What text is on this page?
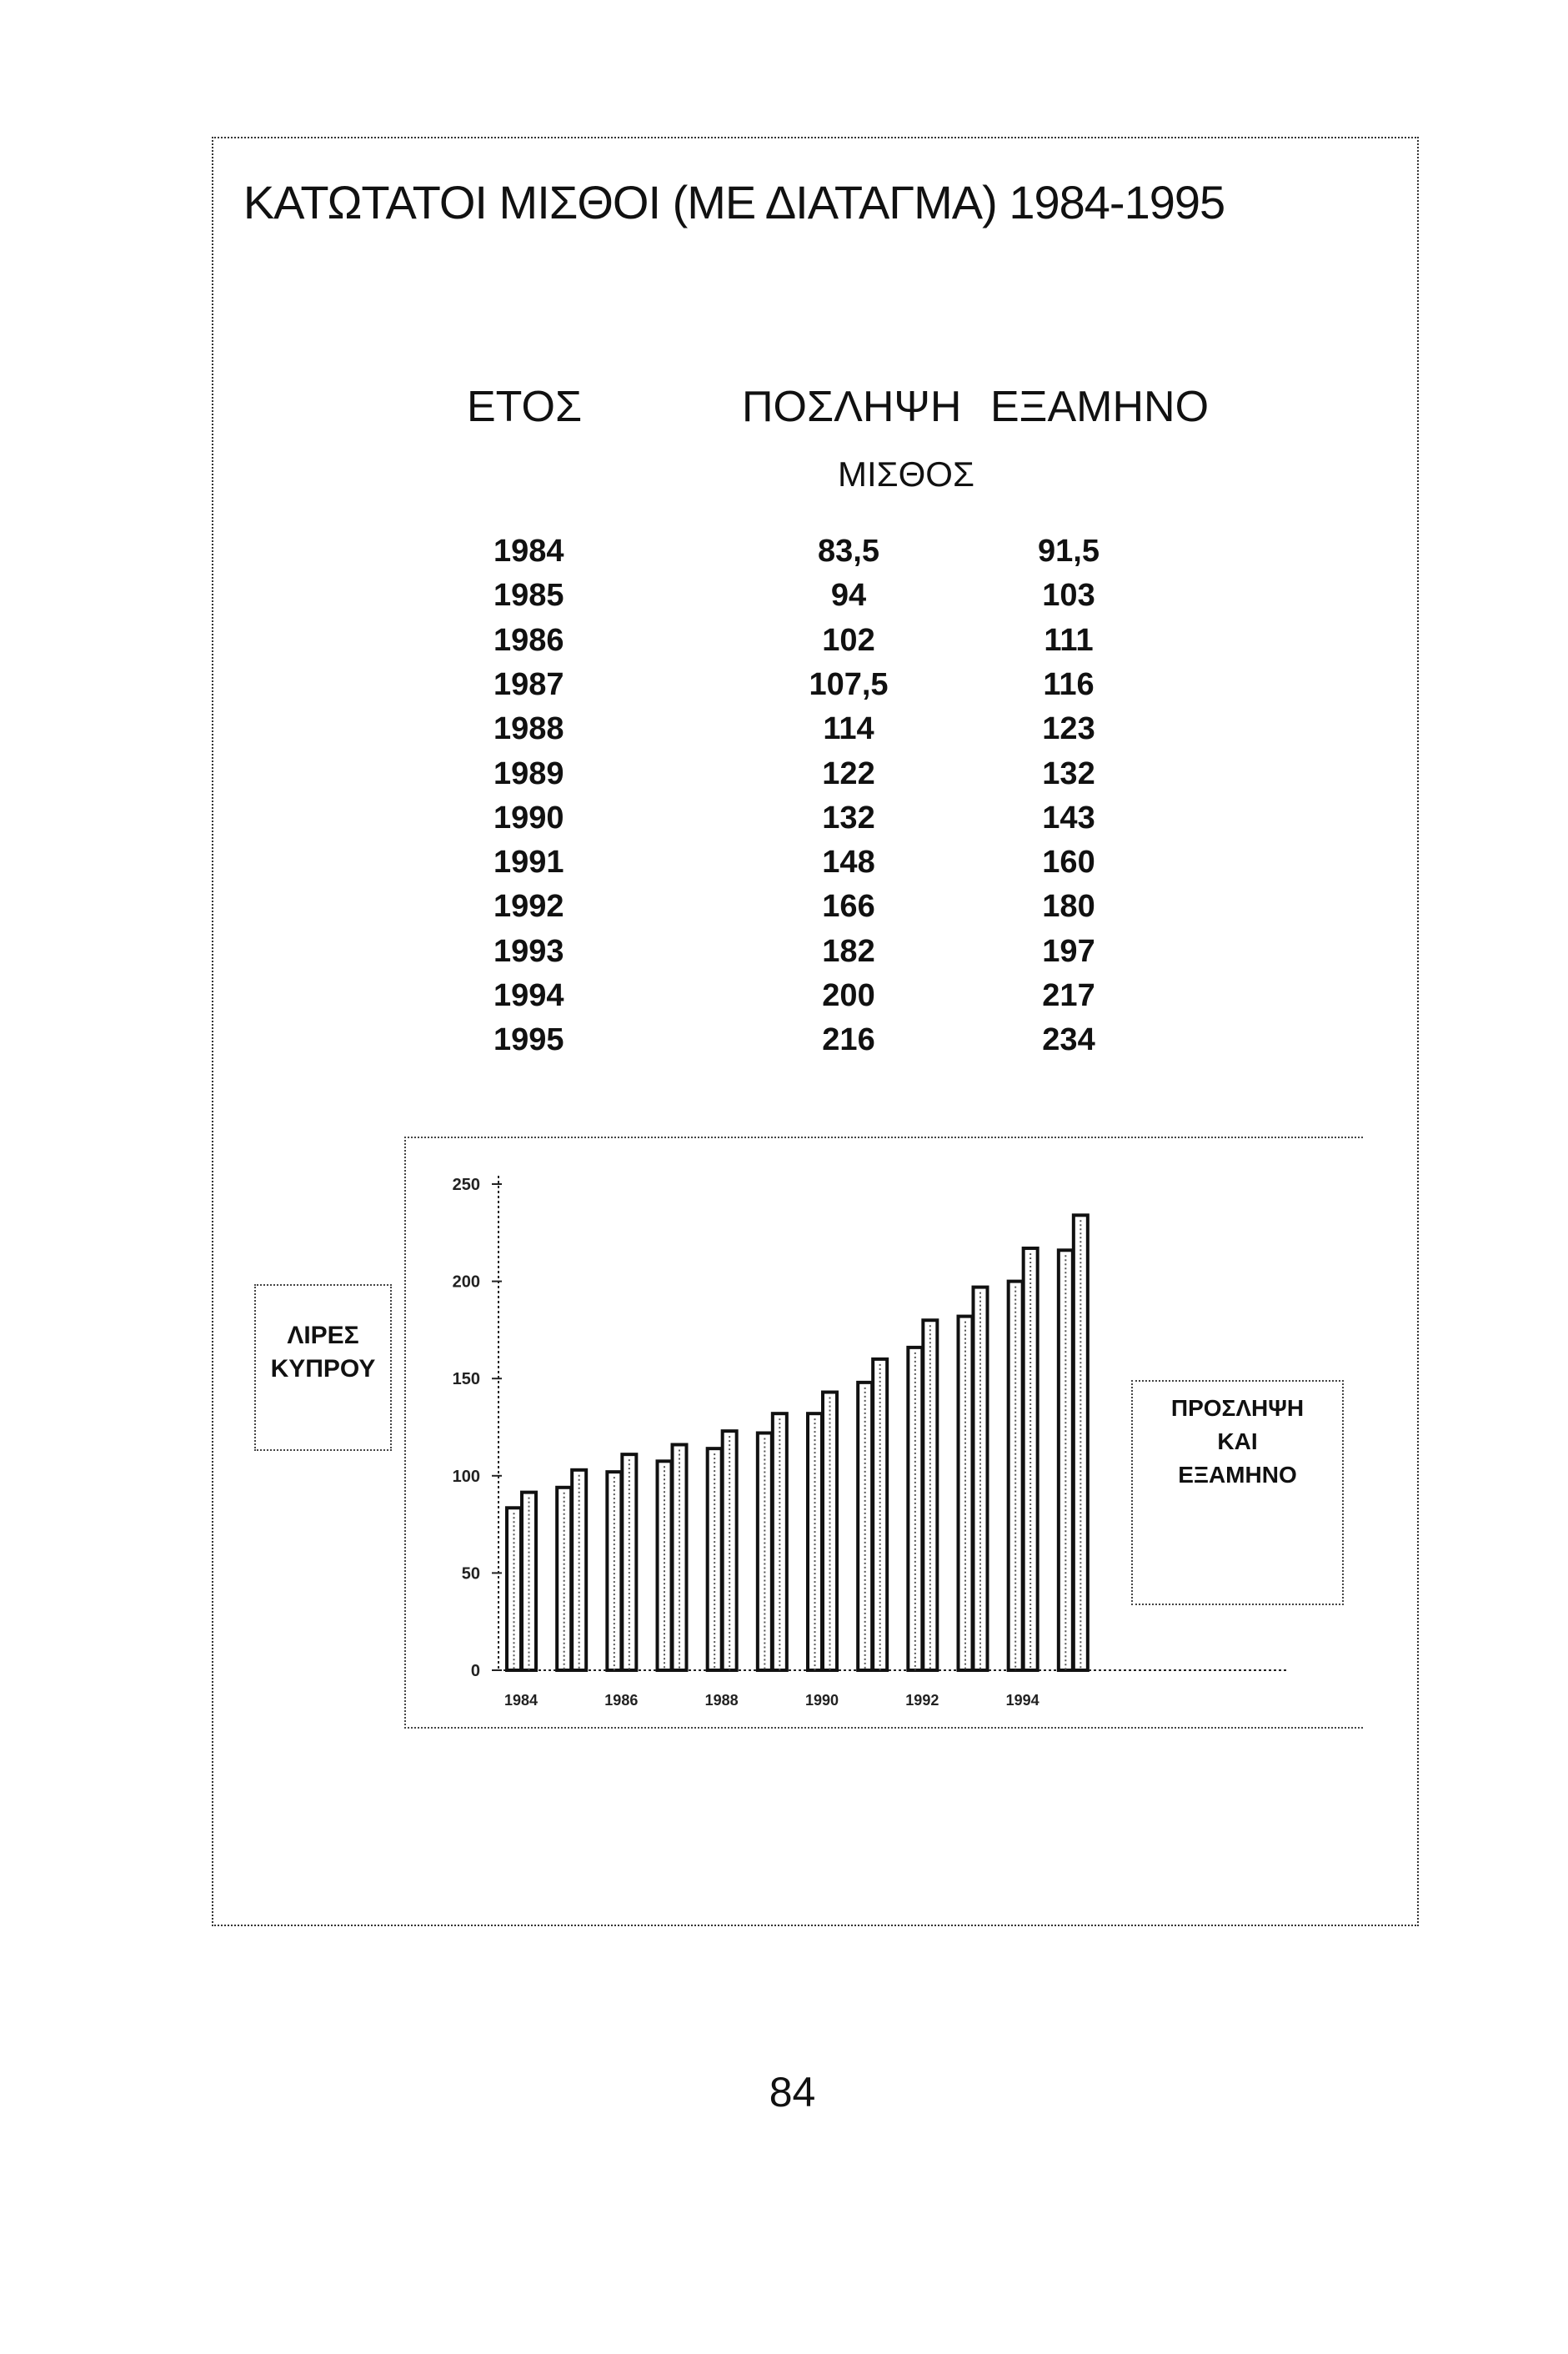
ΚΑΤΩΤΑΤΟΙ ΜΙΣΘΟΙ (ΜΕ ΔΙΑΤΑΓΜΑ) 1984-1995
ΕΤΟΣ	ΠΟΣΛΗΨΗ ΕΞΑΜΗΝΟ
ΜΙΣΘΟΣ
1984	83,5	91,5
1985	94	103
1986	102	111
1987	107,5	116
1988	114	123
1989	122	132
1990	132	143
1991	148	160
1992	166	180
1993	182	197
1994	200	217
1995	216	234
0
50
100
150
200
250
1984	1986	1988	1990	1992	1994
ΛΙΡΕΣ
ΚΥΠΡΟΥ
ΠΡΟΣΛΗΨΗ
ΚΑΙ
ΕΞΑΜΗΝΟ
84
